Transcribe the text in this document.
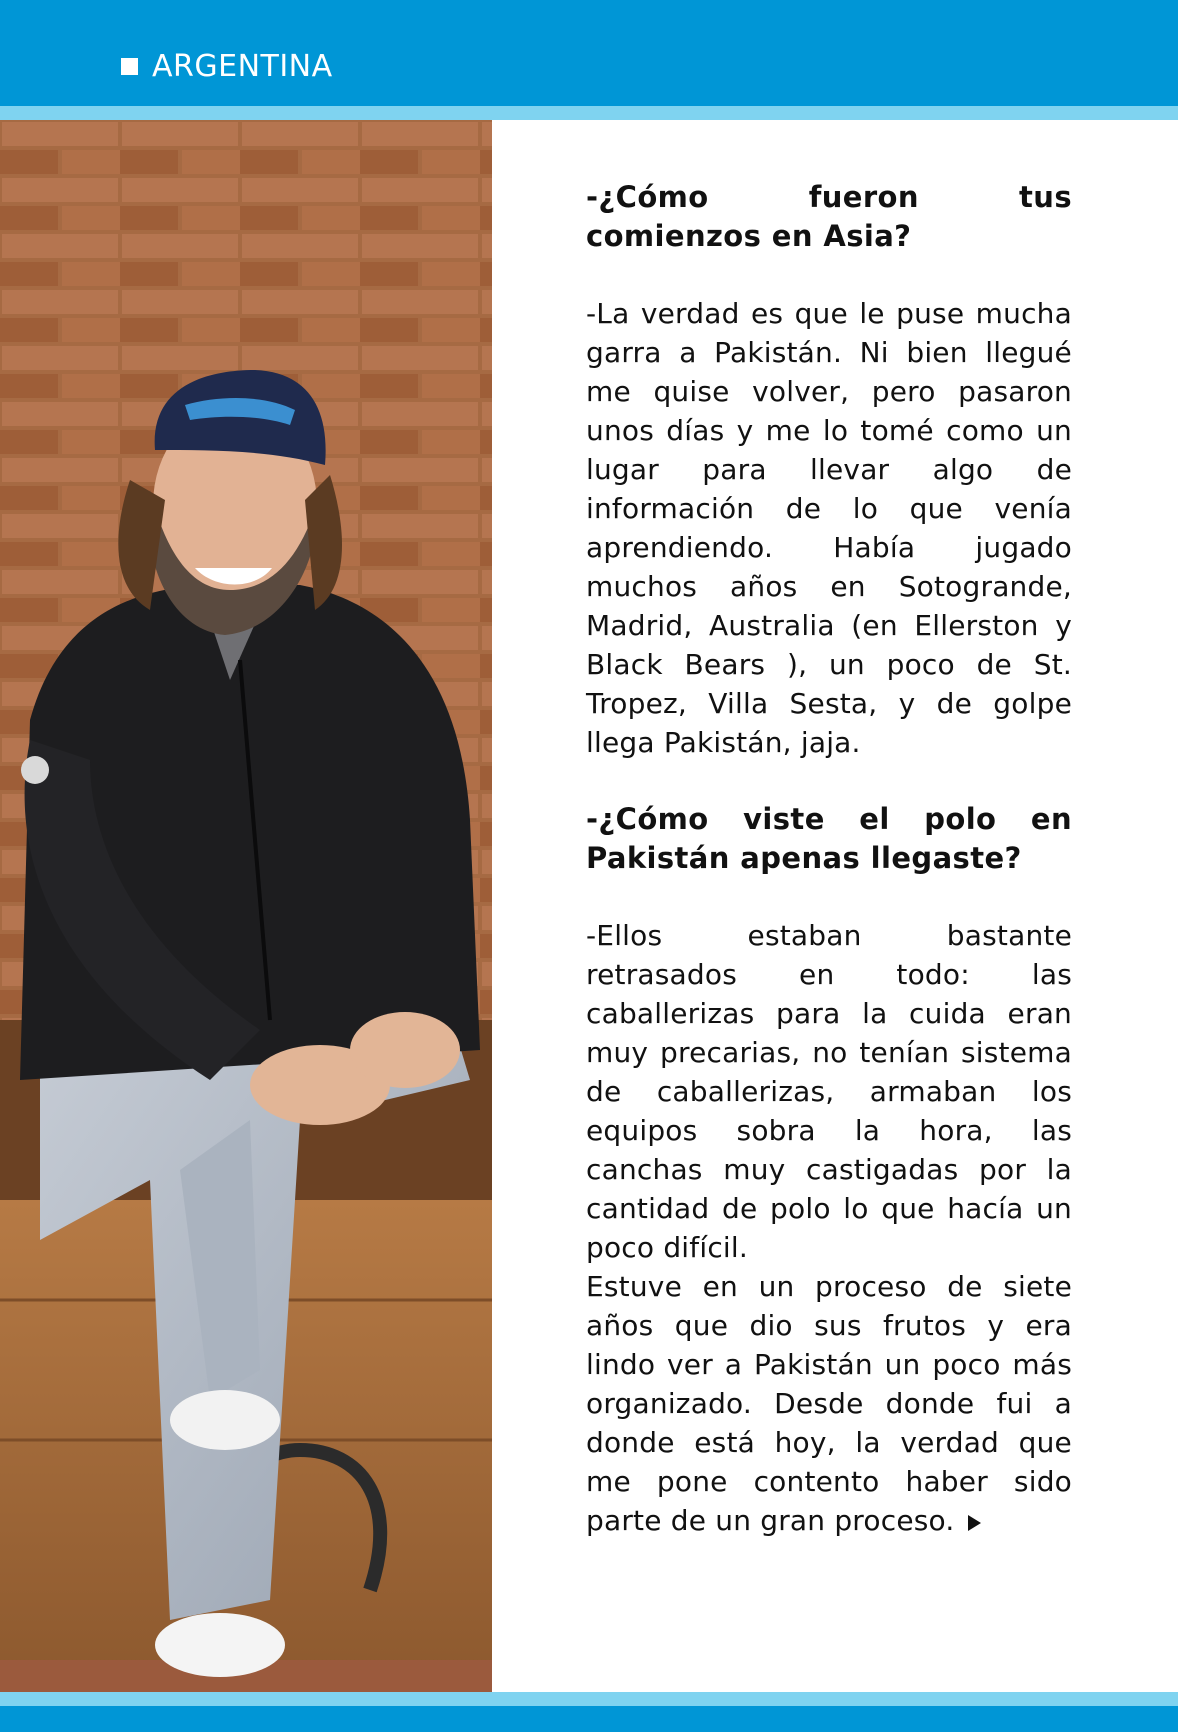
ARGENTINA

-¿Cómo fueron tus comienzos en Asia?

-La verdad es que le puse mucha garra a Pakistán. Ni bien llegué me quise volver, pero pasaron unos días y me lo tomé como un lugar para llevar algo de información de lo que venía aprendiendo. Había jugado muchos años en Sotogrande, Madrid, Australia (en Ellerston y Black Bears ), un poco de St. Tropez, Villa Sesta, y de golpe llega Pakistán, jaja.

-¿Cómo viste el polo en Pakistán apenas llegaste?

-Ellos estaban bastante retrasados en todo: las caballerizas para la cuida eran muy precarias, no tenían sistema de caballerizas, armaban los equipos sobra la hora, las canchas muy castigadas por la cantidad de polo lo que hacía un poco difícil.

Estuve en un proceso de siete años que dio sus frutos y era lindo ver a Pakistán un poco más organizado. Desde donde fui a donde está hoy, la verdad que me pone contento haber sido parte de un gran proceso.
